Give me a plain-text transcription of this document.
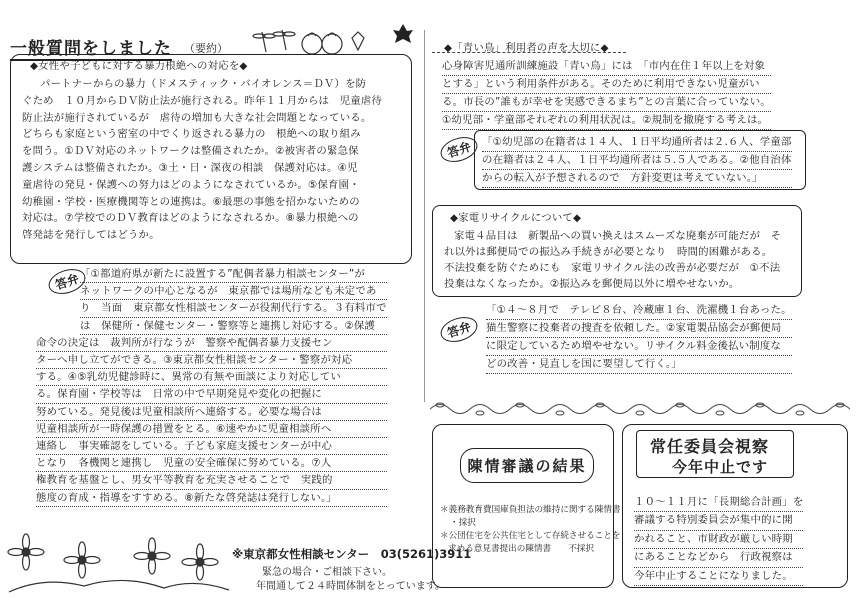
一般質問をしました （要約）
◆女性や子どもに対する暴力根絶への対応を◆
パートナーからの暴力（ドメスティック・バイオレンス＝ＤＶ）を防
ぐため　１０月からＤＶ防止法が施行される。昨年１１月からは　児童虐待
防止法が施行されているが　虐待の増加も大きな社会問題となっている。
どちらも家庭という密室の中でくり返される暴力の　根絶への取り組み
を問う。①ＤＶ対応のネットワークは整備されたか。②被害者の緊急保
護システムは整備されたか。③土・日・深夜の相談　保護対応は。④児
童虐待の発見・保護への努力はどのようになされているか。⑤保育園・
幼稚園・学校・医療機関等との連携は。⑥最悪の事態を招かないための
対応は。⑦学校でのＤＶ教育はどのようになされるか。⑧暴力根絶への
啓発誌を発行してはどうか。
答弁 「①都道府県が新たに設置する”配偶者暴力相談センター”が
ネットワークの中心となるが　東京都では場所なども未定であ
り　当面　東京都女性相談センターが役割代行する。３有料市で
は　保健所・保健センター・警察等と連携し対応する。②保護
命令の決定は　裁判所が行なうが　警察や配偶者暴力支援セン
ターへ申し立てができる。③東京都女性相談センター・警察が対応
する。④⑤乳幼児健診時に、異常の有無や面談により対応してい
る。保育園・学校等は　日常の中で早期発見や変化の把握に
努めている。発見後は児童相談所へ連絡する。必要な場合は
児童相談所が一時保護の措置をとる。⑥速やかに児童相談所へ
連絡し　事実確認をしている。子ども家庭支援センターが中心
となり　各機関と連携し　児童の安全確保に努めている。⑦人
権教育を基盤とし、男女平等教育を充実させることで　実践的
態度の育成・指導をすすめる。⑧新たな啓発誌は発行しない。」
※東京都女性相談センター　03(5261)3911
緊急の場合・ご相談下さい。
年間通して２４時間体制をとっています。
◆「青い鳥」利用者の声を大切に◆
心身障害児通所訓練施設「青い鳥」には　「市内在住１年以上を対象
とする」という利用条件がある。そのために利用できない児童がい
る。市長の”誰もが幸せを実感できるまち”との言葉に合っていない。
①幼児部・学童部それぞれの利用状況は。②規制を撤廃する考えは。
答弁 「①幼児部の在籍者は１４人、１日平均通所者は２.６人、学童部
の在籍者は２４人、１日平均通所者は５.５人である。②他自治体
からの転入が予想されるので　方針変更は考えていない。」
◆家電リサイクルについて◆
家電４品目は　新製品への買い換えはスムーズな廃棄が可能だが　そ
れ以外は郵便局での振込み手続きが必要となり　時間的困難がある。
不法投棄を防ぐためにも　家電リサイクル法の改善が必要だが　①不法
投棄はなくなったか。②振込みを郵便局以外に増やせないか。
答弁
「①４～８月で　テレビ８台、冷蔵庫１台、洗濯機１台あった。
猫生警察に投棄者の捜査を依頼した。②家電製品協会が郵便局
に限定しているため増やせない。リサイクル料金後払い制度な
どの改善・見直しを国に要望して行く。」
陳情審議の結果
＊義務教育費国庫負担法の維持に関する陳情書
・採択
＊公団住宅を公共住宅として存続させることを
求める意見書提出の陳情書　　不採択
常任委員会視察
今年中止です
１０～１１月に「長期総合計画」を
審議する特別委員会が集中的に開
かれること、市財政が厳しい時期
にあることなどから　行政視察は
今年中止することになりました。
